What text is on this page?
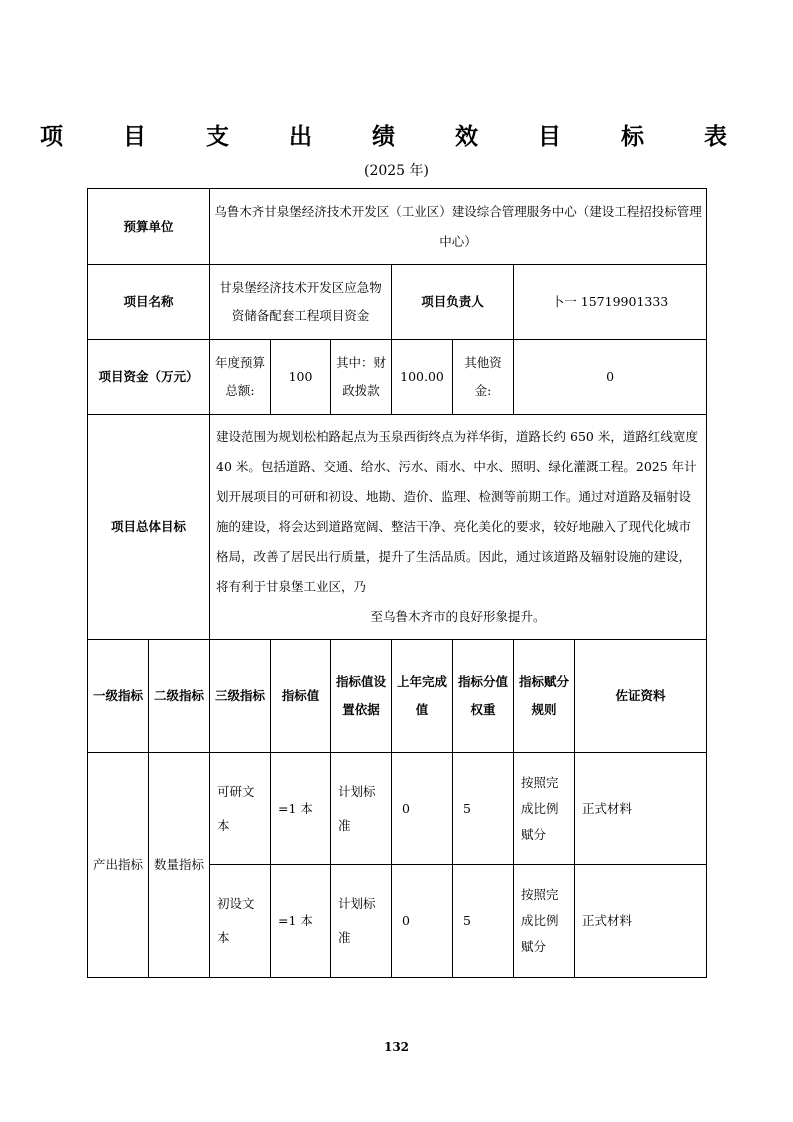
项 目 支 出 绩 效 目 标 表
(2025 年)
预算单位		乌鲁木齐甘泉堡经济技术开发区（工业区）建设综合管理服务中心（建设工程招投标管理中心）						
项目名称		甘泉堡经济技术开发区应急物资储备配套工程项目资金			项目负责人		卜一 15719901333	
项目资金（万元）		年度预算总额:	100	其中：财政拨款	100.00	其他资金:	0	
项目总体目标		建设范围为规划松柏路起点为玉泉西街终点为祥华街，道路长约 650 米，道路红线宽度 40 米。包括道路、交通、给水、污水、雨水、中水、照明、绿化灌溉工程。2025 年计划开展项目的可研和初设、地勘、造价、监理、检测等前期工作。通过对道路及辐射设施的建设，将会达到道路宽阔、整洁干净、亮化美化的要求，较好地融入了现代化城市格局，改善了居民出行质量，提升了生活品质。因此，通过该道路及辐射设施的建设，将有利于甘泉堡工业区，乃
至乌鲁木齐市的良好形象提升。						

一级指标	二级指标	三级指标	指标值	指标值设置依据	上年完成值	指标分值权重	指标赋分规则	佐证资料
产出指标	数量指标	可研文本	=1 本	计划标准	0	5	按照完成比例赋分	正式材料
		初设文本	=1 本	计划标准	0	5	按照完成比例赋分	正式材料
132
